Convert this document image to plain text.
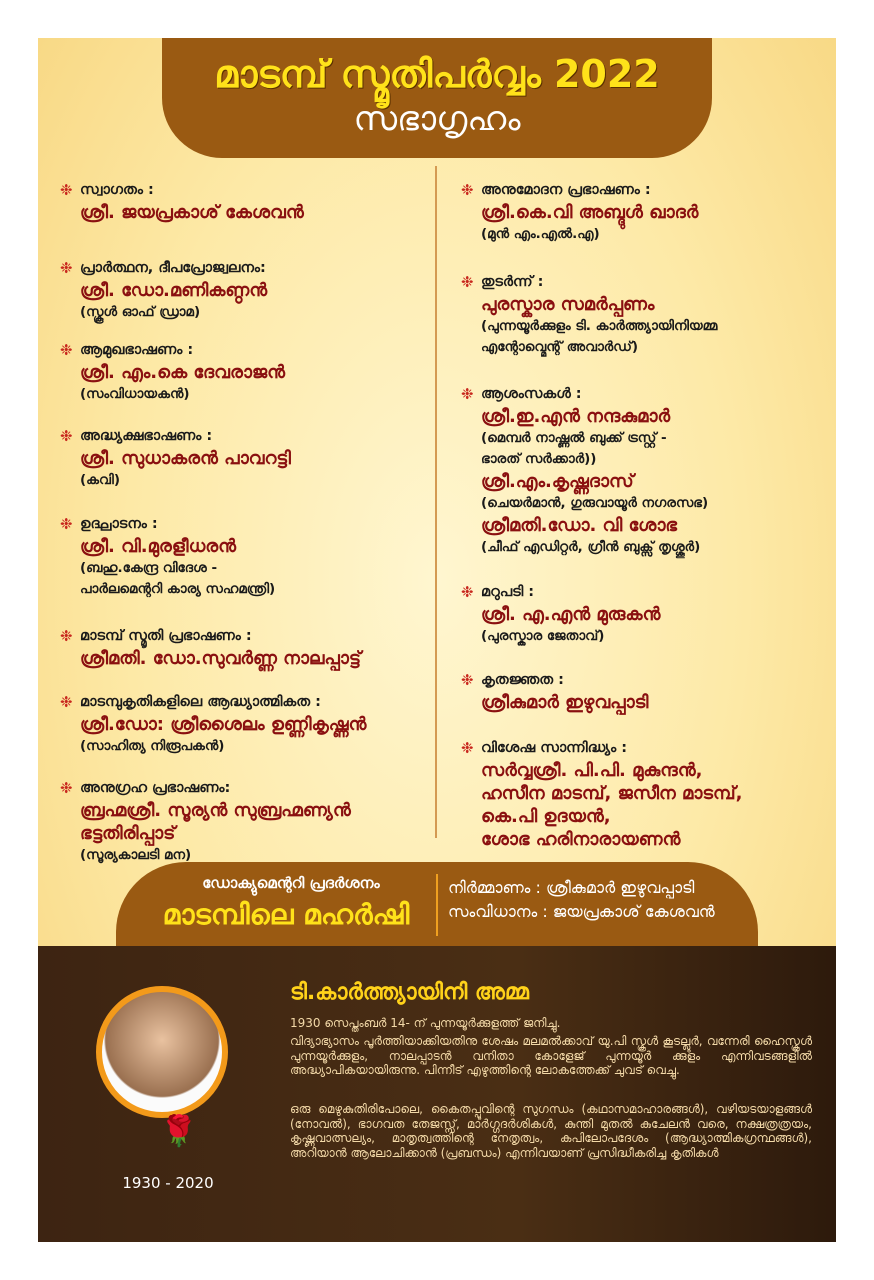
മാടമ്പ് സ്മൃതിപർവ്വം 2022
സഭാഗൃഹം
❉ സ്വാഗതം :
ശ്രീ. ജയപ്രകാശ് കേശവൻ
❉ പ്രാർത്ഥന, ദീപപ്രോജ്വലനം:
ശ്രീ. ഡോ.മണികണ്ഠൻ
(സ്കൂൾ ഓഫ് ഡ്രാമ)
❉ ആമുഖഭാഷണം :
ശ്രീ. എം.കെ ദേവരാജൻ
(സംവിധായകൻ)
❉ അദ്ധ്യക്ഷഭാഷണം :
ശ്രീ. സുധാകരൻ പാവറട്ടി
(കവി)
❉ ഉദ്ഘാടനം :
ശ്രീ. വി.മുരളീധരൻ
(ബഹു.കേന്ദ്ര വിദേശ -
പാർലമെന്ററി കാര്യ സഹമന്ത്രി)
❉ മാടമ്പ് സ്മൃതി പ്രഭാഷണം :
ശ്രീമതി. ഡോ.സുവർണ്ണ നാലപ്പാട്ട്
❉ മാടമ്പുകൃതികളിലെ ആദ്ധ്യാത്മികത :
ശ്രീ.ഡോ: ശ്രീശൈലം ഉണ്ണികൃഷ്ണൻ
(സാഹിത്യ നിരൂപകൻ)
❉ അനുഗ്രഹ പ്രഭാഷണം:
ബ്രഹ്മശ്രീ. സൂര്യൻ സുബ്രഹ്മണ്യൻ
ഭട്ടതിരിപ്പാട്
(സൂര്യകാലടി മന)
❉ അനുമോദന പ്രഭാഷണം :
ശ്രീ.കെ.വി അബ്ദുൾ ഖാദർ
(മുൻ എം.എൽ.എ)
❉ തുടർന്ന് :
പുരസ്കാര സമർപ്പണം
(പുന്നയൂർക്കുളം ടി. കാർത്ത്യായിനിയമ്മ
എന്റോവ്മെന്റ് അവാർഡ്)
❉ ആശംസകൾ :
ശ്രീ.ഇ.എൻ നന്ദകുമാർ
(മെമ്പർ നാഷ്ണൽ ബുക്ക് ട്രസ്റ്റ് -
ഭാരത് സർക്കാർ))
ശ്രീ.എം.കൃഷ്ണദാസ്
(ചെയർമാൻ, ഗുരുവായൂർ നഗരസഭ)
ശ്രീമതി.ഡോ. വി ശോഭ
(ചീഫ് എഡിറ്റർ, ഗ്രീൻ ബുക്സ് തൃശ്ശൂർ)
❉ മറുപടി :
ശ്രീ. എ.എൻ മുരുകൻ
(പുരസ്കാര ജേതാവ്)
❉ കൃതജ്ഞത :
ശ്രീകുമാർ ഇഴുവപ്പാടി
❉ വിശേഷ സാന്നിദ്ധ്യം :
സർവ്വശ്രീ. പി.പി. മുകുന്ദൻ,
ഹസീന മാടമ്പ്, ജസീന മാടമ്പ്,
കെ.പി ഉദയൻ,
ശോഭ ഹരിനാരായണൻ
ഡോക്യുമെന്ററി പ്രദർശനം
മാടമ്പിലെ മഹർഷി
നിർമ്മാണം : ശ്രീകുമാർ ഇഴുവപ്പാടി
സംവിധാനം : ജയപ്രകാശ് കേശവൻ
🌹
1930 - 2020
ടി.കാർത്ത്യായിനി അമ്മ
1930 സെപ്തംബർ 14- ന് പുന്നയൂർക്കുളത്ത് ജനിച്ചു.
വിദ്യാഭ്യാസം പൂർത്തിയാക്കിയതിനു ശേഷം മലമൽക്കാവ് യു.പി സ്കൂൾ കൂടല്ലൂർ, വന്നേരി ഹൈസ്കൂൾ പുന്നയൂർക്കുളം, നാലപ്പാടൻ വനിതാ കോളേജ് പുന്നയൂർ ക്കുളം എന്നിവടങ്ങളിൽ അദ്ധ്യാപികയായിരുന്നു. പിന്നീട് എഴുത്തിന്റെ ലോകത്തേക്ക് ചുവട് വെച്ചു.
ഒരു മെഴുകുതിരിപോലെ, കൈതപ്പൂവിന്റെ സുഗന്ധം (കഥാസമാഹാരങ്ങൾ), വഴിയടയാളങ്ങൾ (നോവൽ), ഭാഗവത തേജസ്സ്, മാർഗ്ഗദർശികൾ, കുന്തി മുതൽ കുചേലൻ വരെ, നക്ഷത്രത്രയം, കൃഷ്ണവാത്സല്യം, മാതൃത്വത്തിന്റെ നേതൃത്വം, കപിലോപദേശം (ആദ്ധ്യാത്മികഗ്രന്ഥങ്ങൾ), അറിയാൻ ആലോചിക്കാൻ (പ്രബന്ധം) എന്നിവയാണ് പ്രസിദ്ധീകരിച്ച കൃതികൾ
